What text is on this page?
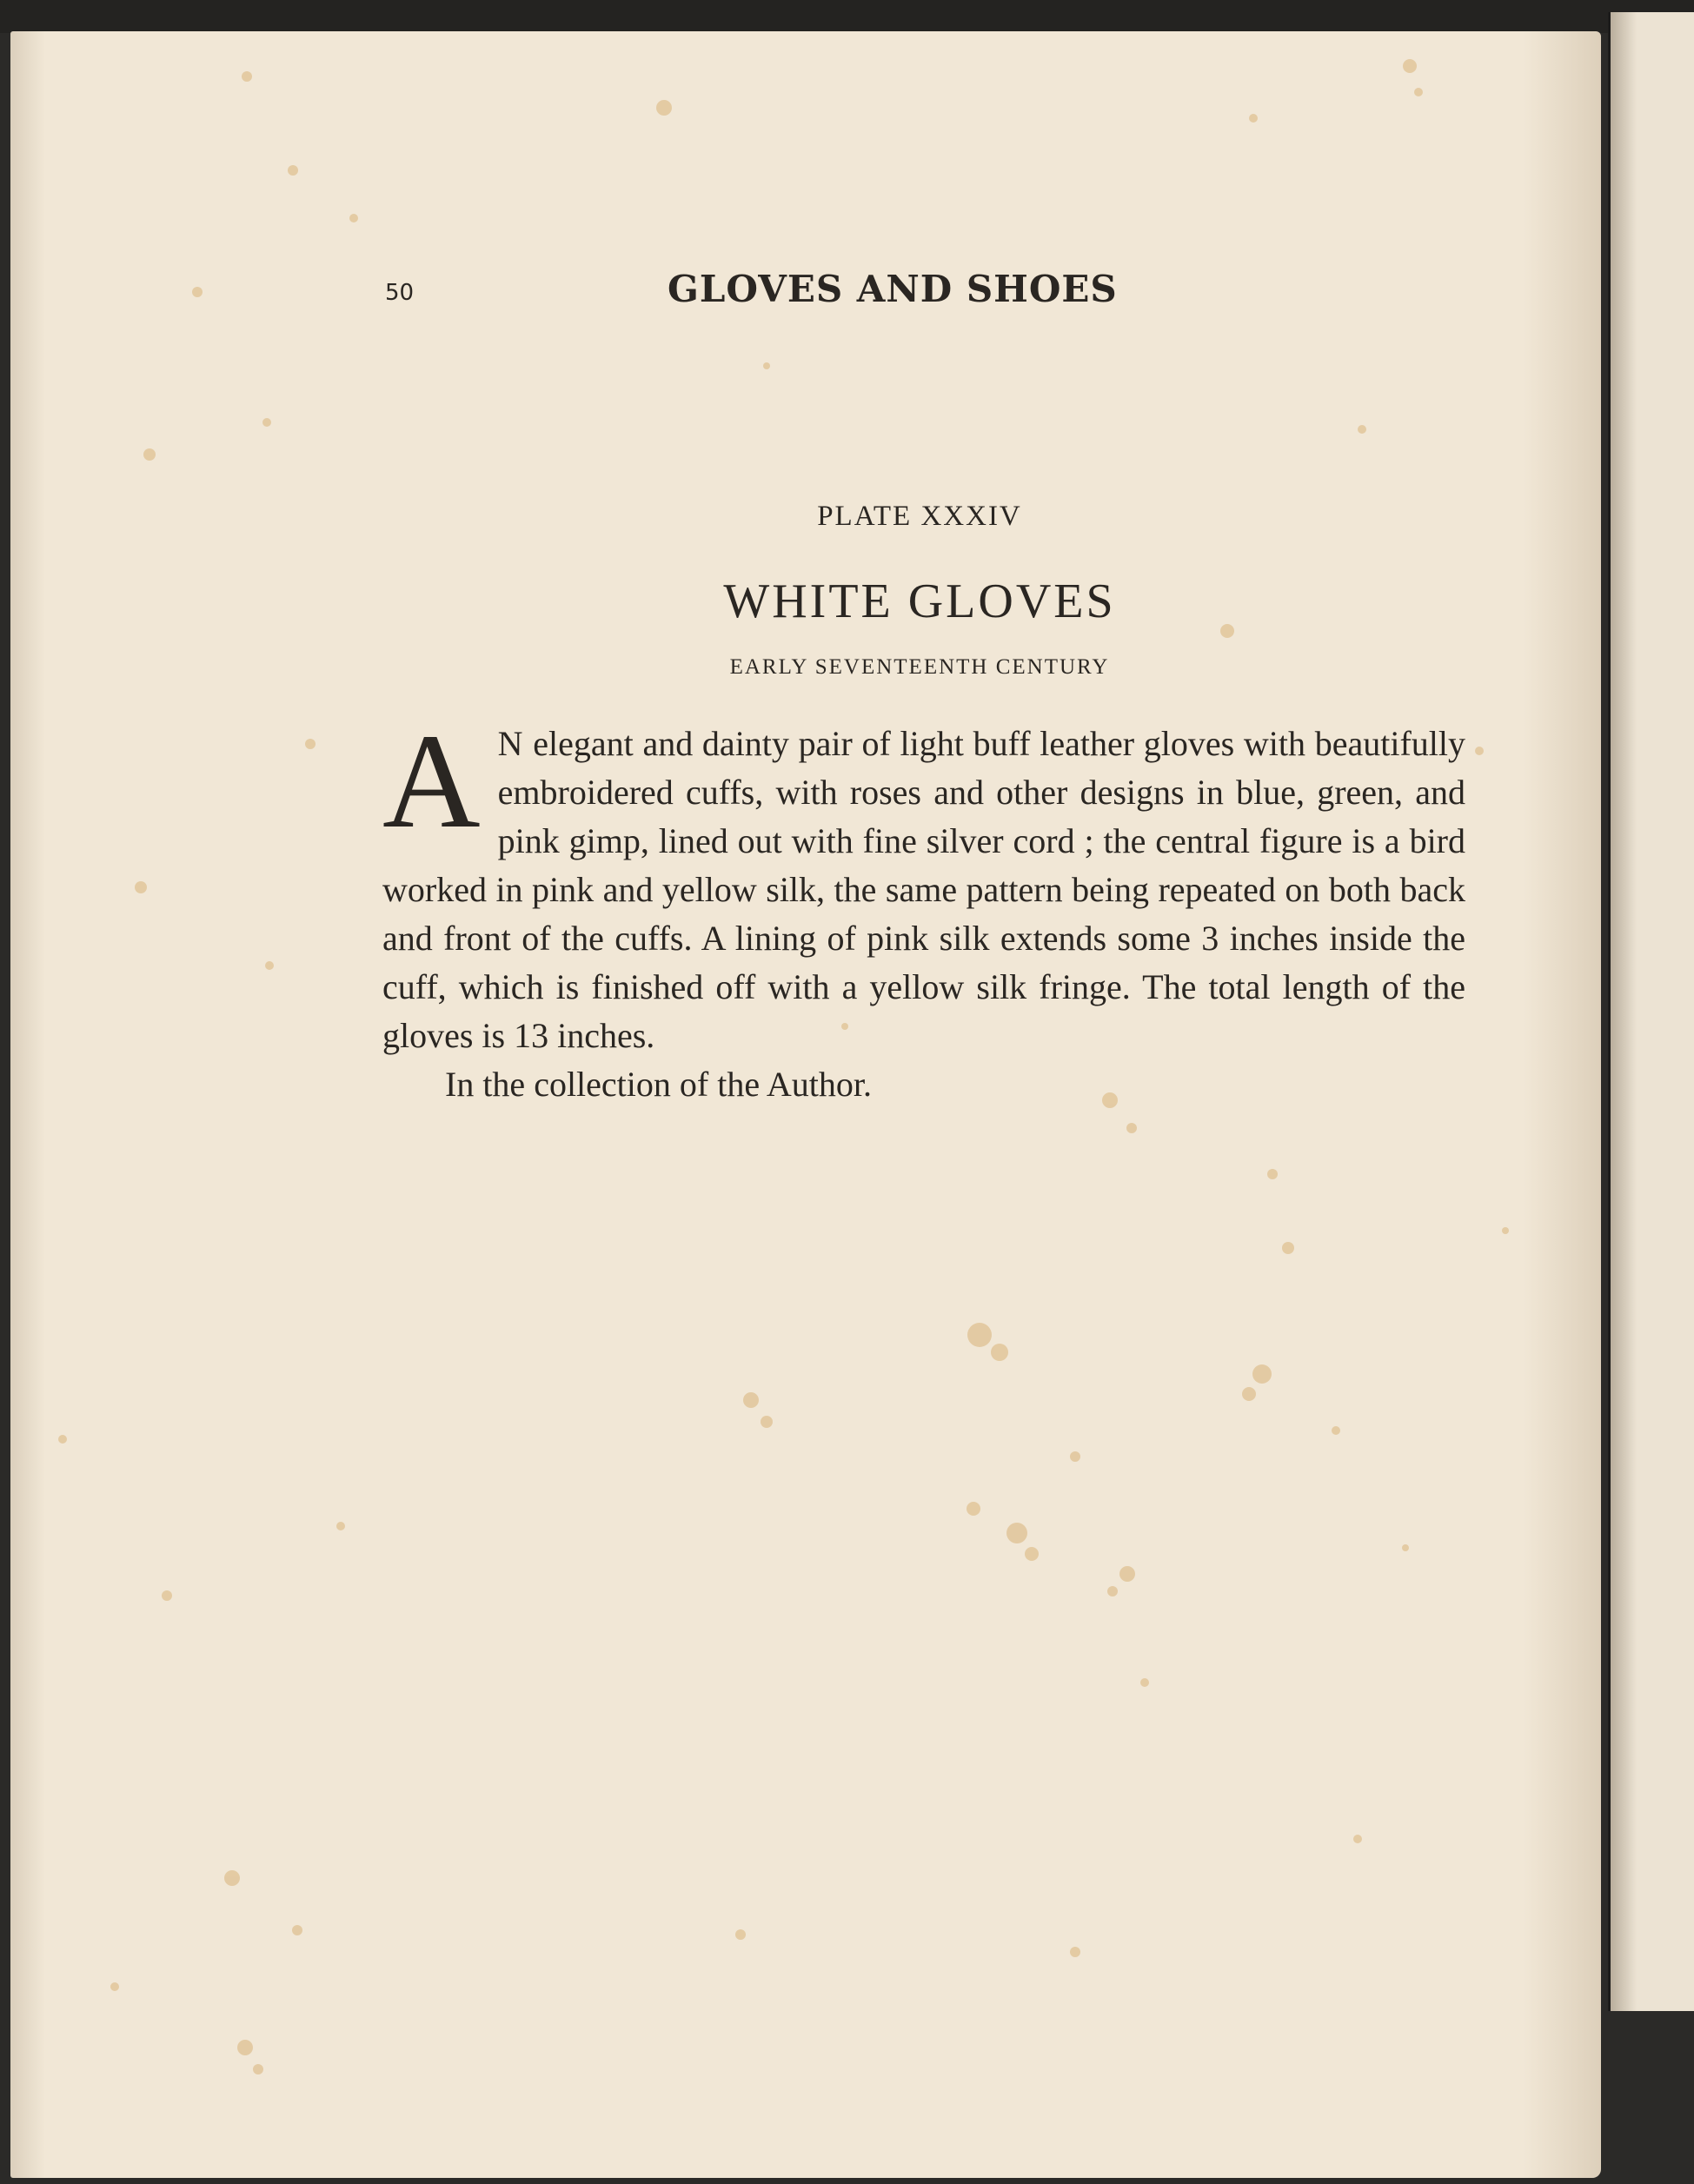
50	GLOVES AND SHOES

PLATE XXXIV

WHITE GLOVES

EARLY SEVENTEENTH CENTURY

A N elegant and dainty pair of light buff leather gloves with beautifully embroidered cuffs, with roses and other designs in blue, green, and pink gimp, lined out with fine silver cord ; the central figure is a bird worked in pink and yellow silk, the same pattern being repeated on both back and front of the cuffs. A lining of pink silk extends some 3 inches inside the cuff, which is finished off with a yellow silk fringe. The total length of the gloves is 13 inches.

In the collection of the Author.
